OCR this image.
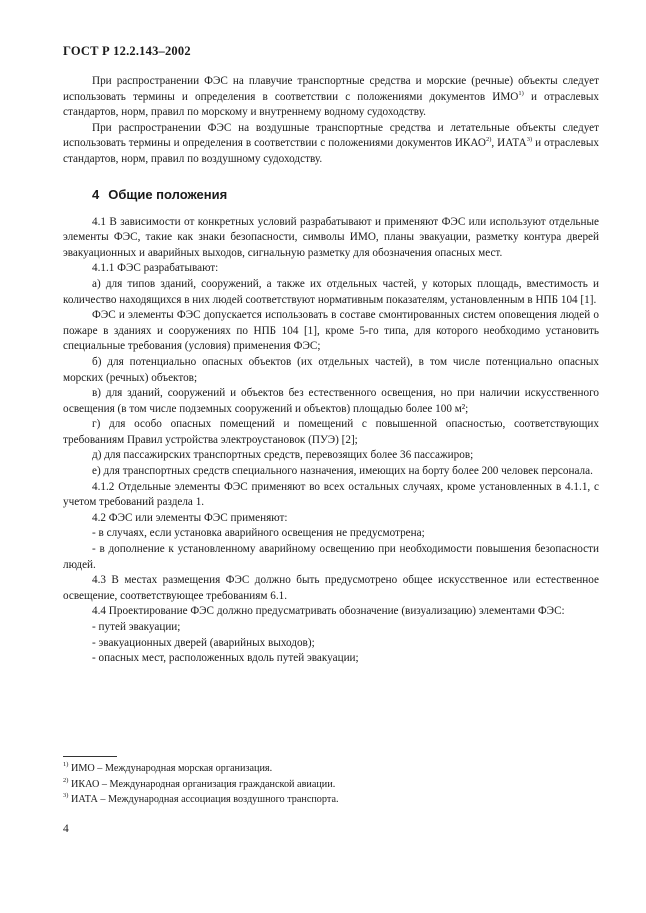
ГОСТ Р 12.2.143–2002

При распространении ФЭС на плавучие транспортные средства и морские (речные) объекты следует использовать термины и определения в соответствии с положениями документов ИМО$^{1)}$ и отраслевых стандартов, норм, правил по морскому и внутреннему водному судоходству.

При распространении ФЭС на воздушные транспортные средства и летательные объекты следует использовать термины и определения в соответствии с положениями документов ИКАО$^{2)}$, ИАТА$^{3)}$ и отраслевых стандартов, норм, правил по воздушному судоходству.

4 Общие положения

4.1 В зависимости от конкретных условий разрабатывают и применяют ФЭС или используют отдельные элементы ФЭС, такие как знаки безопасности, символы ИМО, планы эвакуации, разметку контура дверей эвакуационных и аварийных выходов, сигнальную разметку для обозначения опасных мест.

4.1.1 ФЭС разрабатывают:

а) для типов зданий, сооружений, а также их отдельных частей, у которых площадь, вместимость и количество находящихся в них людей соответствуют нормативным показателям, установленным в НПБ 104 [1].

ФЭС и элементы ФЭС допускается использовать в составе смонтированных систем оповещения людей о пожаре в зданиях и сооружениях по НПБ 104 [1], кроме 5-го типа, для которого необходимо установить специальные требования (условия) применения ФЭС;

б) для потенциально опасных объектов (их отдельных частей), в том числе потенциально опасных морских (речных) объектов;

в) для зданий, сооружений и объектов без естественного освещения, но при наличии искусственного освещения (в том числе подземных сооружений и объектов) площадью более 100 м²;

г) для особо опасных помещений и помещений с повышенной опасностью, соответствующих требованиям Правил устройства электроустановок (ПУЭ) [2];

д) для пассажирских транспортных средств, перевозящих более 36 пассажиров;

е) для транспортных средств специального назначения, имеющих на борту более 200 человек персонала.

4.1.2 Отдельные элементы ФЭС применяют во всех остальных случаях, кроме установленных в 4.1.1, с учетом требований раздела 1.

4.2 ФЭС или элементы ФЭС применяют:

- в случаях, если установка аварийного освещения не предусмотрена;

- в дополнение к установленному аварийному освещению при необходимости повышения безопасности людей.

4.3 В местах размещения ФЭС должно быть предусмотрено общее искусственное или естественное освещение, соответствующее требованиям 6.1.

4.4 Проектирование ФЭС должно предусматривать обозначение (визуализацию) элементами ФЭС:

- путей эвакуации;

- эвакуационных дверей (аварийных выходов);

- опасных мест, расположенных вдоль путей эвакуации;

$^{1)}$ ИМО – Международная морская организация.

$^{2)}$ ИКАО – Международная организация гражданской авиации.

$^{3)}$ ИАТА – Международная ассоциация воздушного транспорта.

4
